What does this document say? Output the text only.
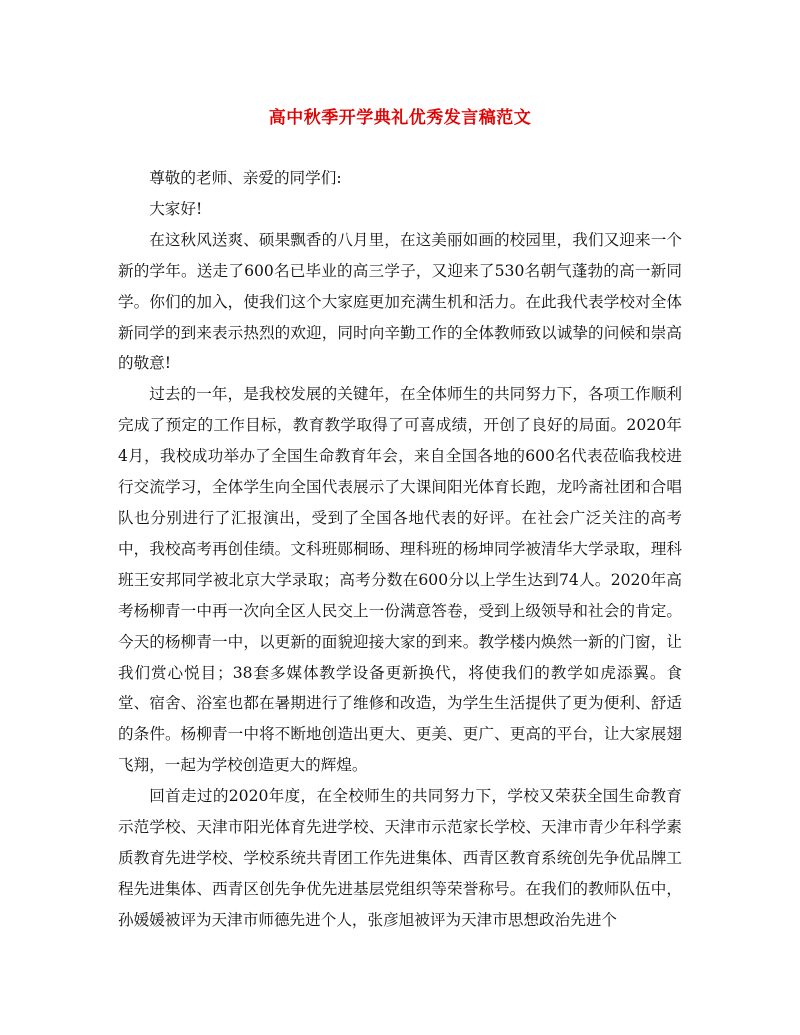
高中秋季开学典礼优秀发言稿范文

尊敬的老师、亲爱的同学们:

大家好!

在这秋风送爽、硕果飘香的八月里，在这美丽如画的校园里，我们又迎来一个新的学年。送走了600名已毕业的高三学子，又迎来了530名朝气蓬勃的高一新同学。你们的加入，使我们这个大家庭更加充满生机和活力。在此我代表学校对全体新同学的到来表示热烈的欢迎，同时向辛勤工作的全体教师致以诚挚的问候和崇高的敬意!

过去的一年，是我校发展的关键年，在全体师生的共同努力下，各项工作顺利完成了预定的工作目标，教育教学取得了可喜成绩，开创了良好的局面。2020年4月，我校成功举办了全国生命教育年会，来自全国各地的600名代表莅临我校进行交流学习，全体学生向全国代表展示了大课间阳光体育长跑，龙吟斋社团和合唱队也分别进行了汇报演出，受到了全国各地代表的好评。在社会广泛关注的高考中，我校高考再创佳绩。文科班郧桐旸、理科班的杨坤同学被清华大学录取，理科班王安邦同学被北京大学录取；高考分数在600分以上学生达到74人。2020年高考杨柳青一中再一次向全区人民交上一份满意答卷，受到上级领导和社会的肯定。今天的杨柳青一中，以更新的面貌迎接大家的到来。教学楼内焕然一新的门窗，让我们赏心悦目；38套多媒体教学设备更新换代，将使我们的教学如虎添翼。食堂、宿舍、浴室也都在暑期进行了维修和改造，为学生生活提供了更为便利、舒适的条件。杨柳青一中将不断地创造出更大、更美、更广、更高的平台，让大家展翅飞翔，一起为学校创造更大的辉煌。

回首走过的2020年度，在全校师生的共同努力下，学校又荣获全国生命教育示范学校、天津市阳光体育先进学校、天津市示范家长学校、天津市青少年科学素质教育先进学校、学校系统共青团工作先进集体、西青区教育系统创先争优品牌工程先进集体、西青区创先争优先进基层党组织等荣誉称号。在我们的教师队伍中，孙媛媛被评为天津市师德先进个人，张彦旭被评为天津市思想政治先进个
